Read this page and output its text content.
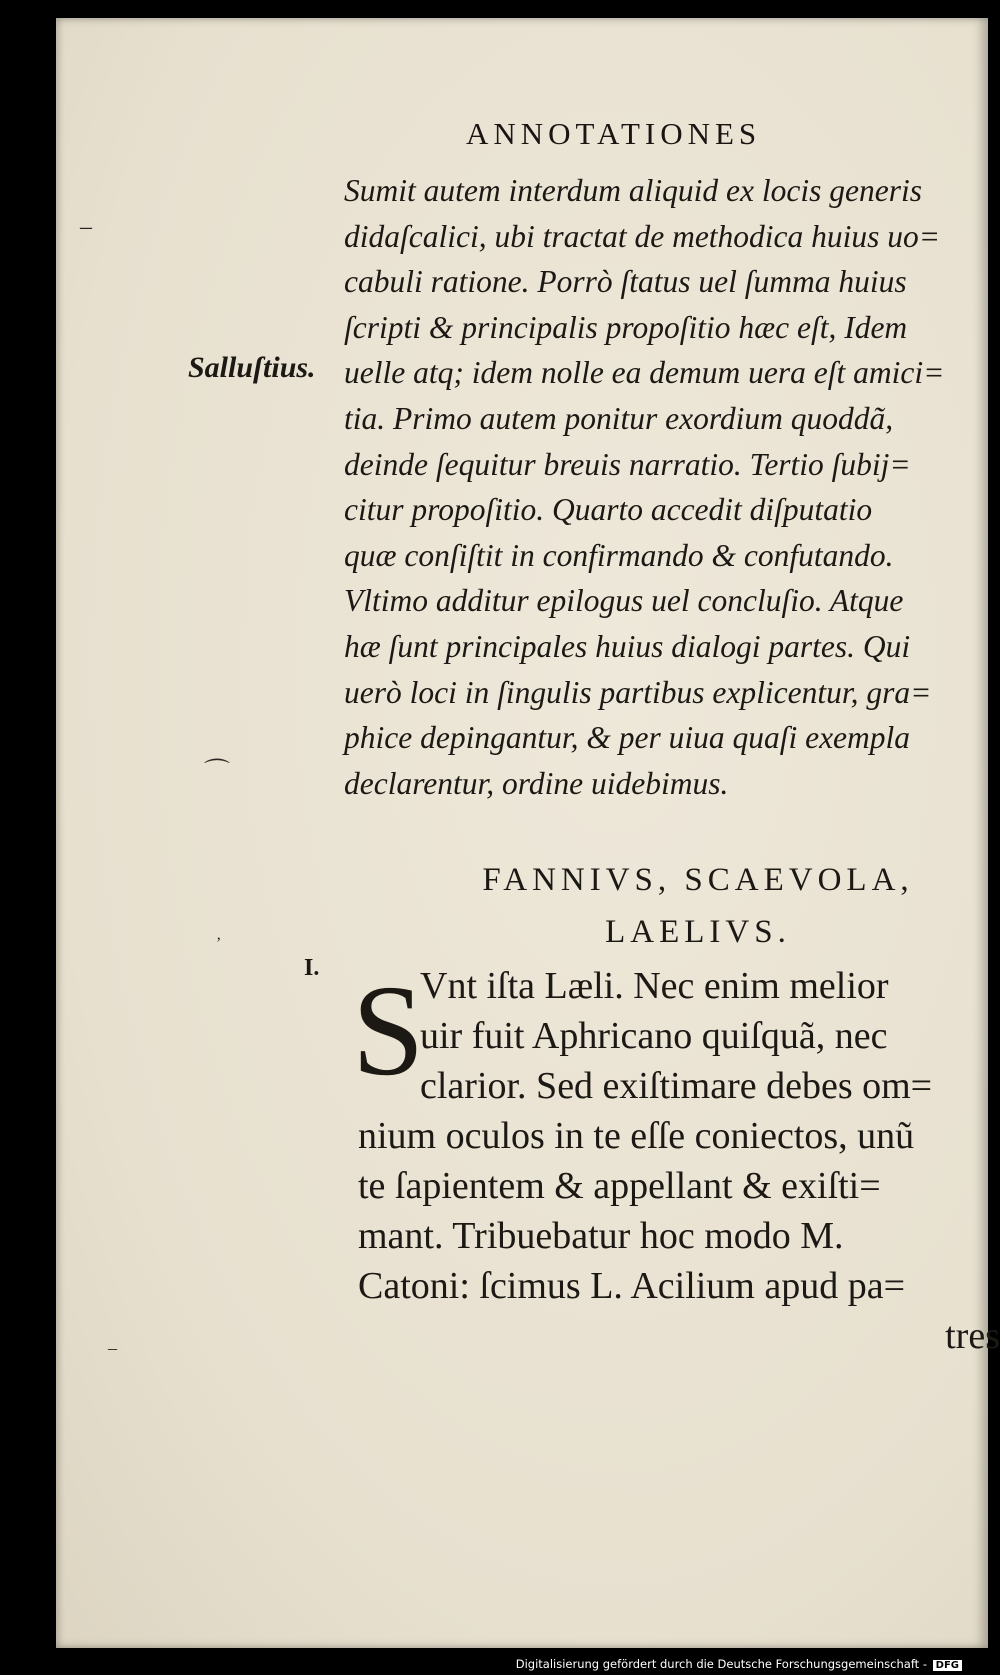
ANNOTATIONES
Sumit autem interdum aliquid ex locis generis
didaſcalici, ubi tractat de methodica huius uo=
cabuli ratione. Porrò ſtatus uel ſumma huius
ſcripti & principalis propoſitio hæc eſt, Idem
uelle atq; idem nolle ea demum uera eſt amici=
tia. Primo autem ponitur exordium quoddã,
deinde ſequitur breuis narratio. Tertio ſubij=
citur propoſitio. Quarto accedit diſputatio
quæ conſiſtit in confirmando & confutando.
Vltimo additur epilogus uel concluſio. Atque
hæ ſunt principales huius dialogi partes. Qui
uerò loci in ſingulis partibus explicentur, gra=
phice depingantur, & per uiua quaſi exempla
declarentur, ordine uidebimus.
Salluſtius.
–
⌒
ʼ
–
FANNIVS, SCAEVOLA,
LAELIVS.
I. S
Vnt iſta Læli. Nec enim melior
uir fuit Aphricano quiſquã, nec
clarior. Sed exiſtimare debes om=
nium oculos in te eſſe coniectos, unũ
te ſapientem & appellant & exiſti=
mant. Tribuebatur hoc modo M.
Catoni: ſcimus L. Acilium apud pa=
tres
Digitalisierung gefördert durch die Deutsche Forschungsgemeinschaft - DFG
